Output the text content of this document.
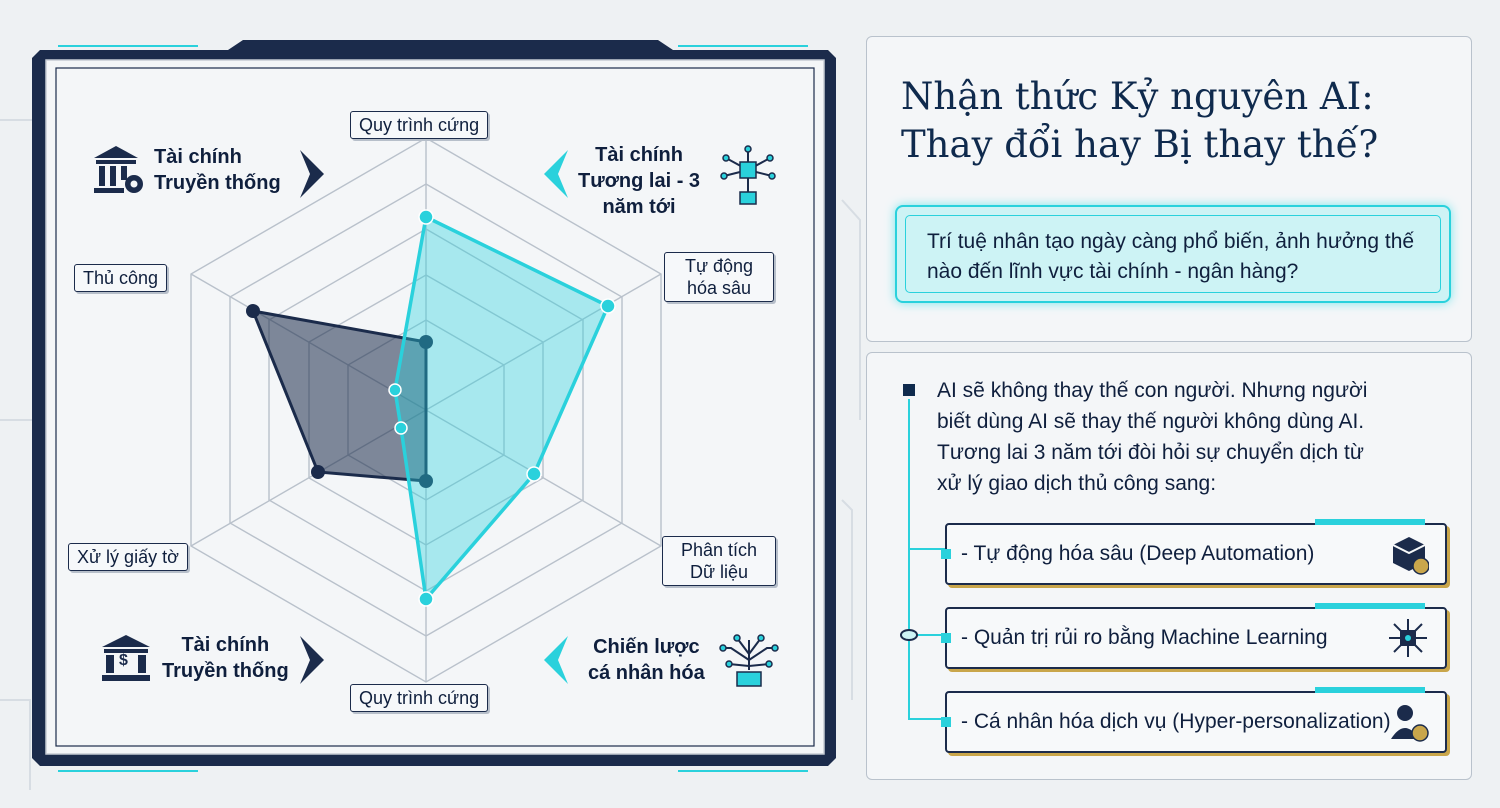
Quy trình cứng
Tự động hóa sâu
Phân tích Dữ liệu
Quy trình cứng
Xử lý giấy tờ
Thủ công
Tài chính
Truyền thống
Tài chính
Tương lai - 3
năm tới
$
Tài chính
Truyền thống
Chiến lược
cá nhân hóa
Nhận thức Kỷ nguyên AI:
Thay đổi hay Bị thay thế?
Trí tuệ nhân tạo ngày càng phổ biến, ảnh hưởng thế nào đến lĩnh vực tài chính - ngân hàng?
AI sẽ không thay thế con người. Nhưng người
biết dùng AI sẽ thay thế người không dùng AI.
Tương lai 3 năm tới đòi hỏi sự chuyển dịch từ
xử lý giao dịch thủ công sang:
- Tự động hóa sâu (Deep Automation)
- Quản trị rủi ro bằng Machine Learning
- Cá nhân hóa dịch vụ (Hyper-personalization)
